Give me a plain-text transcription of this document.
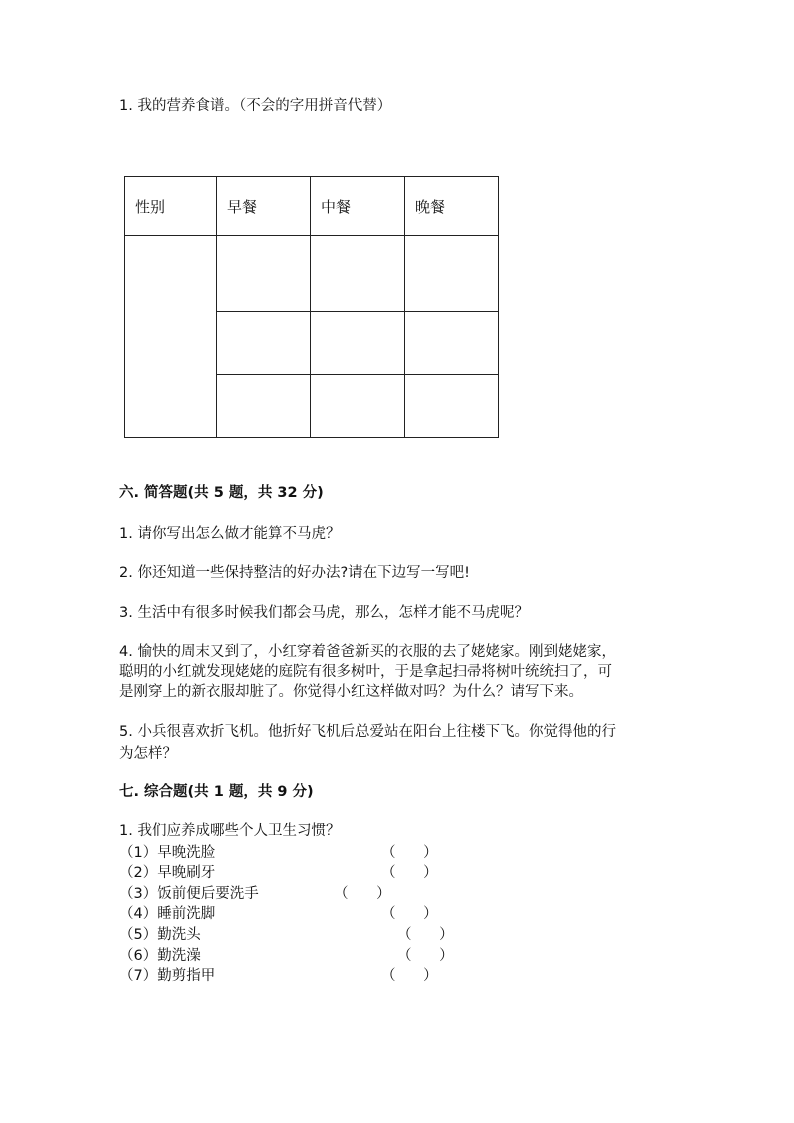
1. 我的营养食谱。（不会的字用拼音代替）
性别	早餐	中餐	晚餐

六. 简答题(共 5 题，共 32 分)
1. 请你写出怎么做才能算不马虎？
2. 你还知道一些保持整洁的好办法?请在下边写一写吧!
3. 生活中有很多时候我们都会马虎，那么，怎样才能不马虎呢？
4. 愉快的周末又到了，小红穿着爸爸新买的衣服的去了姥姥家。刚到姥姥家，
聪明的小红就发现姥姥的庭院有很多树叶，于是拿起扫帚将树叶统统扫了，可
是刚穿上的新衣服却脏了。你觉得小红这样做对吗？为什么？请写下来。
5. 小兵很喜欢折飞机。他折好飞机后总爱站在阳台上往楼下飞。你觉得他的行
为怎样？
七. 综合题(共 1 题，共 9 分)
1. 我们应养成哪些个人卫生习惯？
（1）早晚洗脸	（      ）
（2）早晚刷牙	（      ）
（3）饭前便后要洗手	（      ）
（4）睡前洗脚	（      ）
（5）勤洗头	（      ）
（6）勤洗澡	（      ）
（7）勤剪指甲	（      ）
